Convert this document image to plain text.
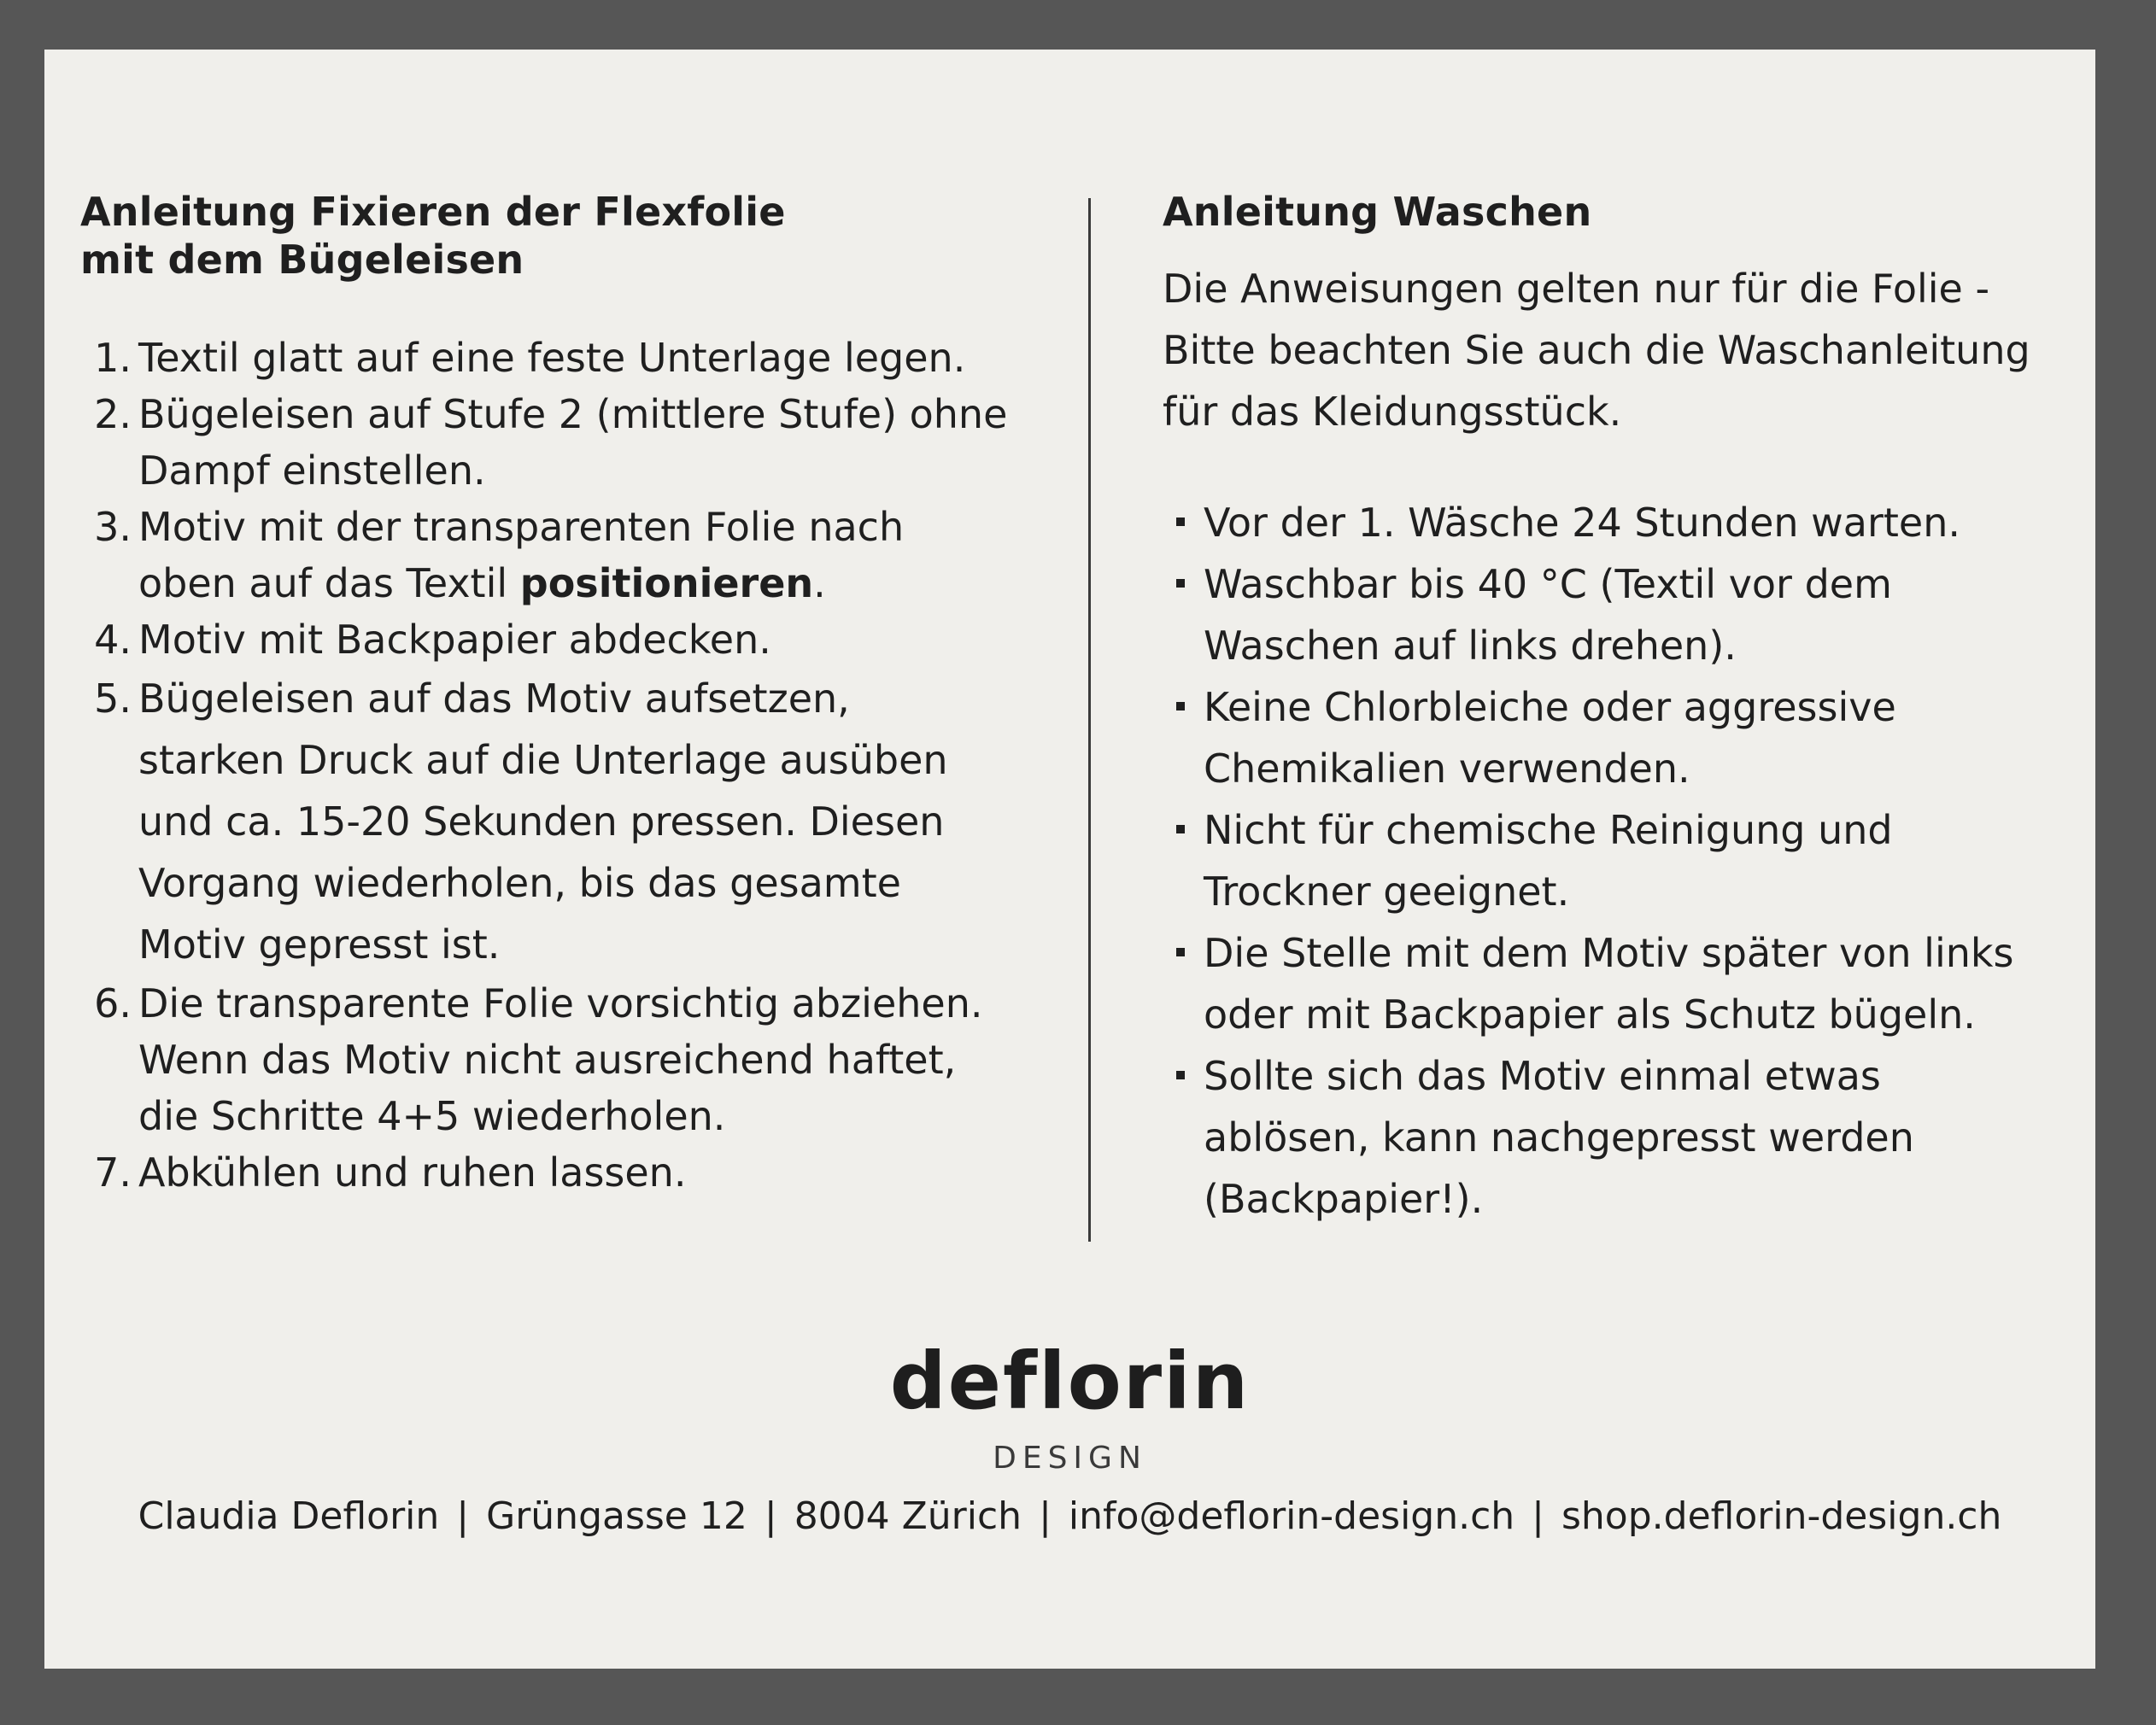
Anleitung Fixieren der Flexfolie
mit dem Bügeleisen
1. Textil glatt auf eine feste Unterlage legen.
2. Bügeleisen auf Stufe 2 (mittlere Stufe) ohne
Dampf einstellen.
3. Motiv mit der transparenten Folie nach
oben auf das Textil positionieren.
4. Motiv mit Backpapier abdecken.
5. Bügeleisen auf das Motiv aufsetzen,
starken Druck auf die Unterlage ausüben
und ca. 15-20 Sekunden pressen. Diesen
Vorgang wiederholen, bis das gesamte
Motiv gepresst ist.
6. Die transparente Folie vorsichtig abziehen.
Wenn das Motiv nicht ausreichend haftet,
die Schritte 4+5 wiederholen.
7. Abkühlen und ruhen lassen.
Anleitung Waschen

Die Anweisungen gelten nur für die Folie -
Bitte beachten Sie auch die Waschanleitung
für das Kleidungsstück.

Vor der 1. Wäsche 24 Stunden warten.
Waschbar bis 40 °C (Textil vor dem
Waschen auf links drehen).
Keine Chlorbleiche oder aggressive
Chemikalien verwenden.
Nicht für chemische Reinigung und
Trockner geeignet.
Die Stelle mit dem Motiv später von links
oder mit Backpapier als Schutz bügeln.
Sollte sich das Motiv einmal etwas
ablösen, kann nachgepresst werden
(Backpapier!).
deflorin
DESIGN
Claudia Deflorin | Grüngasse 12 | 8004 Zürich | info@deflorin-design.ch | shop.deflorin-design.ch
